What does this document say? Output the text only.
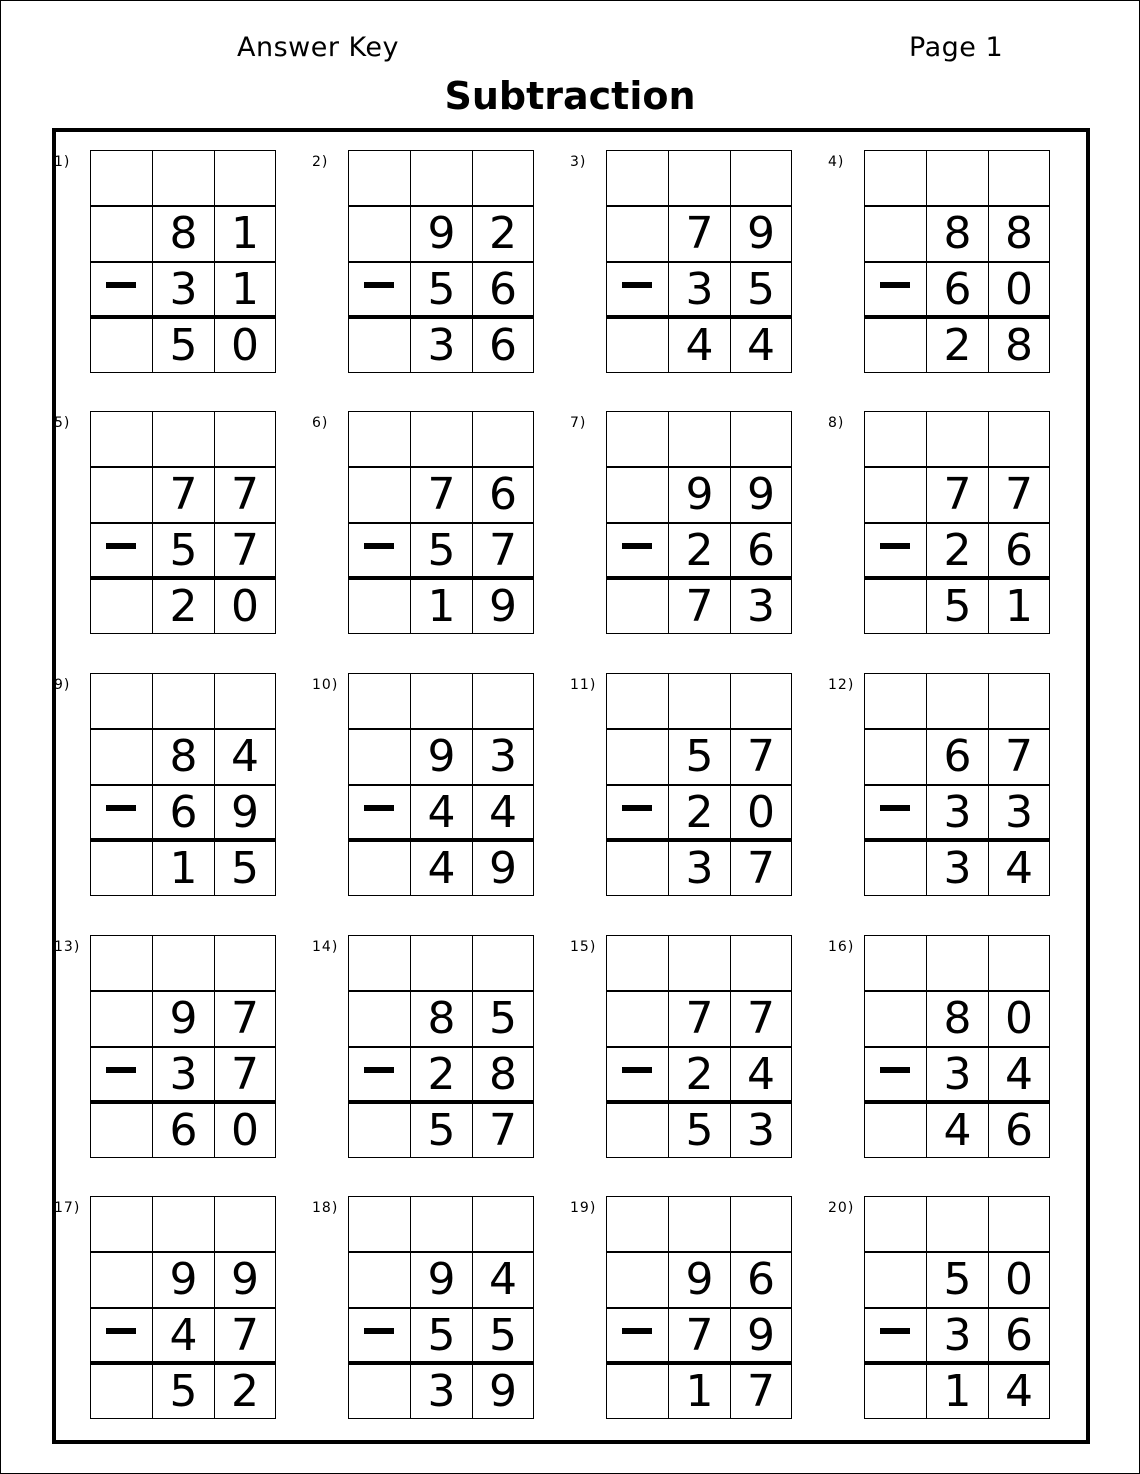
Answer Key	Page 1
Subtraction
1)
8 1
3 1
5 0
2)
9 2
5 6
3 6
3)
7 9
3 5
4 4
4)
8 8
6 0
2 8
5)
7 7
5 7
2 0
6)
7 6
5 7
1 9
7)
9 9
2 6
7 3
8)
7 7
2 6
5 1
9)
8 4
6 9
1 5
10)
9 3
4 4
4 9
11)
5 7
2 0
3 7
12)
6 7
3 3
3 4
13)
9 7
3 7
6 0
14)
8 5
2 8
5 7
15)
7 7
2 4
5 3
16)
8 0
3 4
4 6
17)
9 9
4 7
5 2
18)
9 4
5 5
3 9
19)
9 6
7 9
1 7
20)
5 0
3 6
1 4
